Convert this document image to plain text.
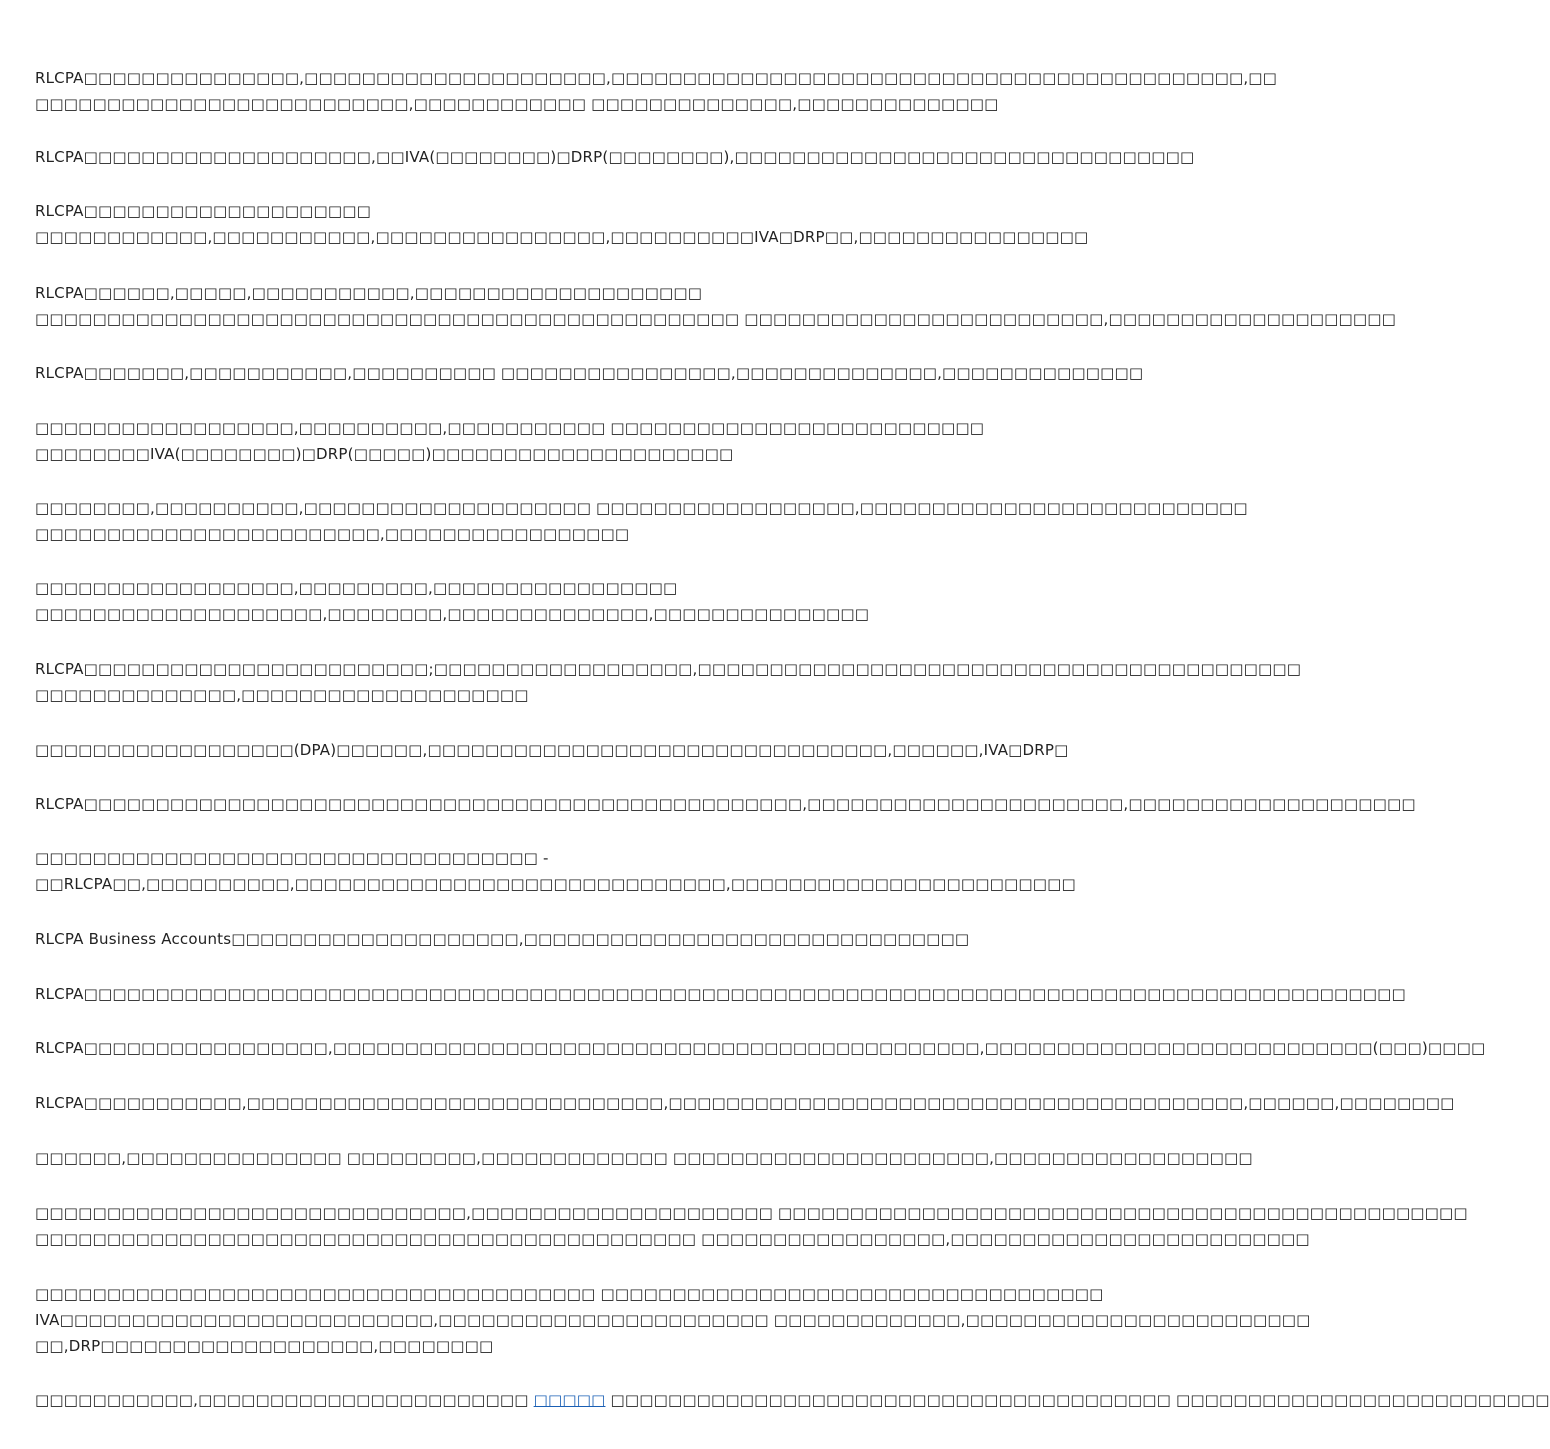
RLCPA□□□□□□□□□□□□□□□,□□□□□□□□□□□□□□□□□□□□□,□□□□□□□□□□□□□□□□□□□□□□□□□□□□□□□□□□□□□□□□□□□□,□□
□□□□□□□□□□□□□□□□□□□□□□□□□□,□□□□□□□□□□□□ □□□□□□□□□□□□□□,□□□□□□□□□□□□□□
RLCPA□□□□□□□□□□□□□□□□□□□□,□□IVA(□□□□□□□□)□DRP(□□□□□□□□),□□□□□□□□□□□□□□□□□□□□□□□□□□□□□□□□
RLCPA□□□□□□□□□□□□□□□□□□□□
□□□□□□□□□□□□,□□□□□□□□□□□,□□□□□□□□□□□□□□□□,□□□□□□□□□□IVA□DRP□□,□□□□□□□□□□□□□□□□
RLCPA□□□□□□,□□□□□,□□□□□□□□□□□,□□□□□□□□□□□□□□□□□□□□
□□□□□□□□□□□□□□□□□□□□□□□□□□□□□□□□□□□□□□□□□□□□□□□□□ □□□□□□□□□□□□□□□□□□□□□□□□□,□□□□□□□□□□□□□□□□□□□□
RLCPA□□□□□□□,□□□□□□□□□□□,□□□□□□□□□□ □□□□□□□□□□□□□□□□,□□□□□□□□□□□□□□,□□□□□□□□□□□□□□
□□□□□□□□□□□□□□□□□□,□□□□□□□□□□,□□□□□□□□□□□ □□□□□□□□□□□□□□□□□□□□□□□□□□
□□□□□□□□IVA(□□□□□□□□)□DRP(□□□□□)□□□□□□□□□□□□□□□□□□□□□
□□□□□□□□,□□□□□□□□□□,□□□□□□□□□□□□□□□□□□□□ □□□□□□□□□□□□□□□□□□,□□□□□□□□□□□□□□□□□□□□□□□□□□□
□□□□□□□□□□□□□□□□□□□□□□□□,□□□□□□□□□□□□□□□□□
□□□□□□□□□□□□□□□□□□,□□□□□□□□□,□□□□□□□□□□□□□□□□□
□□□□□□□□□□□□□□□□□□□□,□□□□□□□□,□□□□□□□□□□□□□□,□□□□□□□□□□□□□□□
RLCPA□□□□□□□□□□□□□□□□□□□□□□□□;□□□□□□□□□□□□□□□□□□,□□□□□□□□□□□□□□□□□□□□□□□□□□□□□□□□□□□□□□□□□□
□□□□□□□□□□□□□□,□□□□□□□□□□□□□□□□□□□□
□□□□□□□□□□□□□□□□□□(DPA)□□□□□□,□□□□□□□□□□□□□□□□□□□□□□□□□□□□□□□□,□□□□□□,IVA□DRP□
RLCPA□□□□□□□□□□□□□□□□□□□□□□□□□□□□□□□□□□□□□□□□□□□□□□□□□□,□□□□□□□□□□□□□□□□□□□□□□,□□□□□□□□□□□□□□□□□□□□
□□□□□□□□□□□□□□□□□□□□□□□□□□□□□□□□□□□ -
□□RLCPA□□,□□□□□□□□□□,□□□□□□□□□□□□□□□□□□□□□□□□□□□□□□,□□□□□□□□□□□□□□□□□□□□□□□□
RLCPA Business Accounts□□□□□□□□□□□□□□□□□□□□,□□□□□□□□□□□□□□□□□□□□□□□□□□□□□□□
RLCPA□□□□□□□□□□□□□□□□□□□□□□□□□□□□□□□□□□□□□□□□□□□□□□□□□□□□□□□□□□□□□□□□□□□□□□□□□□□□□□□□□□□□□□□□□□□□
RLCPA□□□□□□□□□□□□□□□□□,□□□□□□□□□□□□□□□□□□□□□□□□□□□□□□□□□□□□□□□□□□□□□,□□□□□□□□□□□□□□□□□□□□□□□□□□□(□□□)□□□□
RLCPA□□□□□□□□□□□,□□□□□□□□□□□□□□□□□□□□□□□□□□□□□,□□□□□□□□□□□□□□□□□□□□□□□□□□□□□□□□□□□□□□□□,□□□□□□,□□□□□□□□
□□□□□□,□□□□□□□□□□□□□□□ □□□□□□□□□,□□□□□□□□□□□□□ □□□□□□□□□□□□□□□□□□□□□□,□□□□□□□□□□□□□□□□□□
□□□□□□□□□□□□□□□□□□□□□□□□□□□□□□,□□□□□□□□□□□□□□□□□□□□□ □□□□□□□□□□□□□□□□□□□□□□□□□□□□□□□□□□□□□□□□□□□□□□□□
□□□□□□□□□□□□□□□□□□□□□□□□□□□□□□□□□□□□□□□□□□□□□□ □□□□□□□□□□□□□□□□□,□□□□□□□□□□□□□□□□□□□□□□□□□
□□□□□□□□□□□□□□□□□□□□□□□□□□□□□□□□□□□□□□□ □□□□□□□□□□□□□□□□□□□□□□□□□□□□□□□□□□□
IVA□□□□□□□□□□□□□□□□□□□□□□□□□□,□□□□□□□□□□□□□□□□□□□□□□□ □□□□□□□□□□□□□,□□□□□□□□□□□□□□□□□□□□□□□□
□□,DRP□□□□□□□□□□□□□□□□□□□,□□□□□□□□
□□□□□□□□□□□,□□□□□□□□□□□□□□□□□□□□□□□ □□□□□ □□□□□□□□□□□□□□□□□□□□□□□□□□□□□□□□□□□□□□□ □□□□□□□□□□□□□□□□□□□□□□□□□□
